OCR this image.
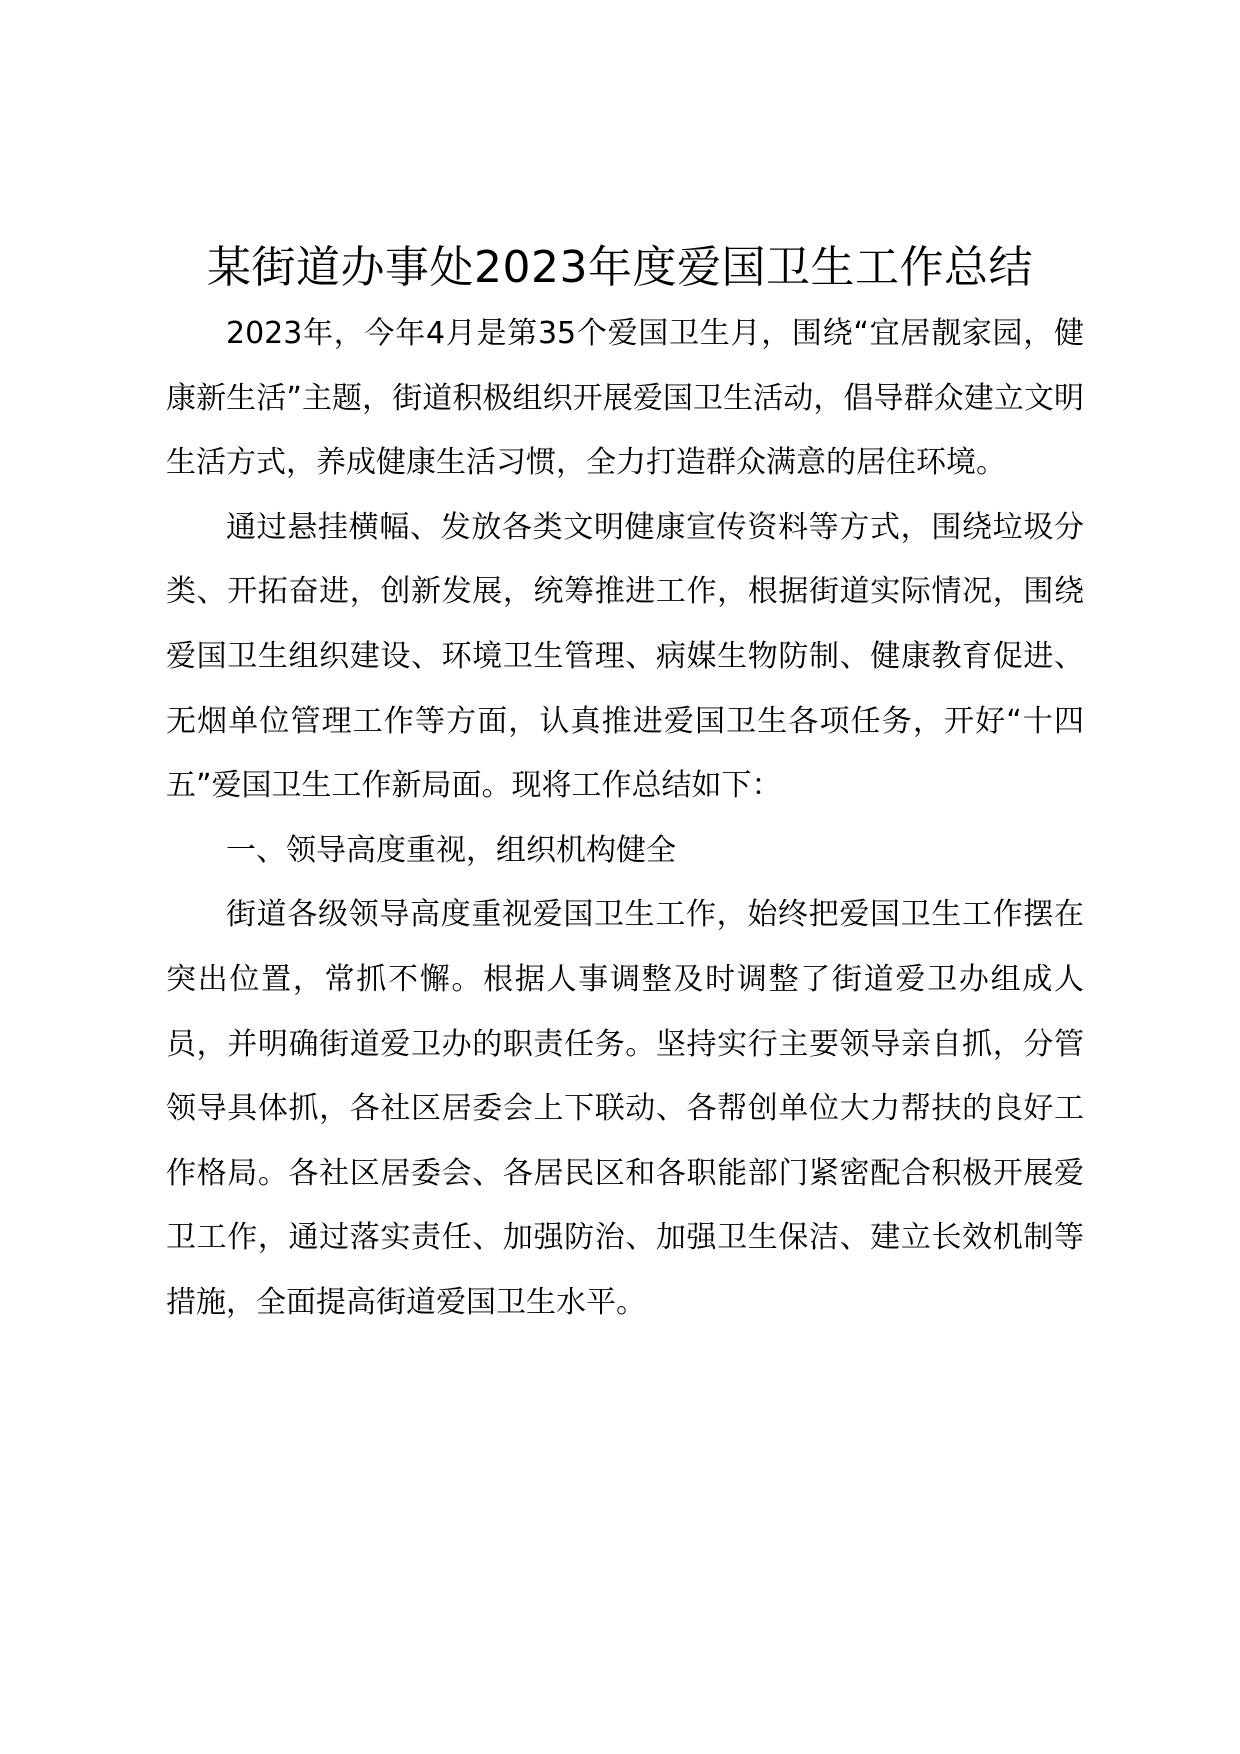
某街道办事处2023年度爱国卫生工作总结

2023年，今年4月是第35个爱国卫生月，围绕“宜居靓家园，健康新生活”主题，街道积极组织开展爱国卫生活动，倡导群众建立文明生活方式，养成健康生活习惯，全力打造群众满意的居住环境。

通过悬挂横幅、发放各类文明健康宣传资料等方式，围绕垃圾分类、开拓奋进，创新发展，统筹推进工作，根据街道实际情况，围绕爱国卫生组织建设、环境卫生管理、病媒生物防制、健康教育促进、无烟单位管理工作等方面，认真推进爱国卫生各项任务，开好“十四五”爱国卫生工作新局面。现将工作总结如下：

一、领导高度重视，组织机构健全

街道各级领导高度重视爱国卫生工作，始终把爱国卫生工作摆在突出位置，常抓不懈。根据人事调整及时调整了街道爱卫办组成人员，并明确街道爱卫办的职责任务。坚持实行主要领导亲自抓，分管领导具体抓，各社区居委会上下联动、各帮创单位大力帮扶的良好工作格局。各社区居委会、各居民区和各职能部门紧密配合积极开展爱卫工作，通过落实责任、加强防治、加强卫生保洁、建立长效机制等措施，全面提高街道爱国卫生水平。
